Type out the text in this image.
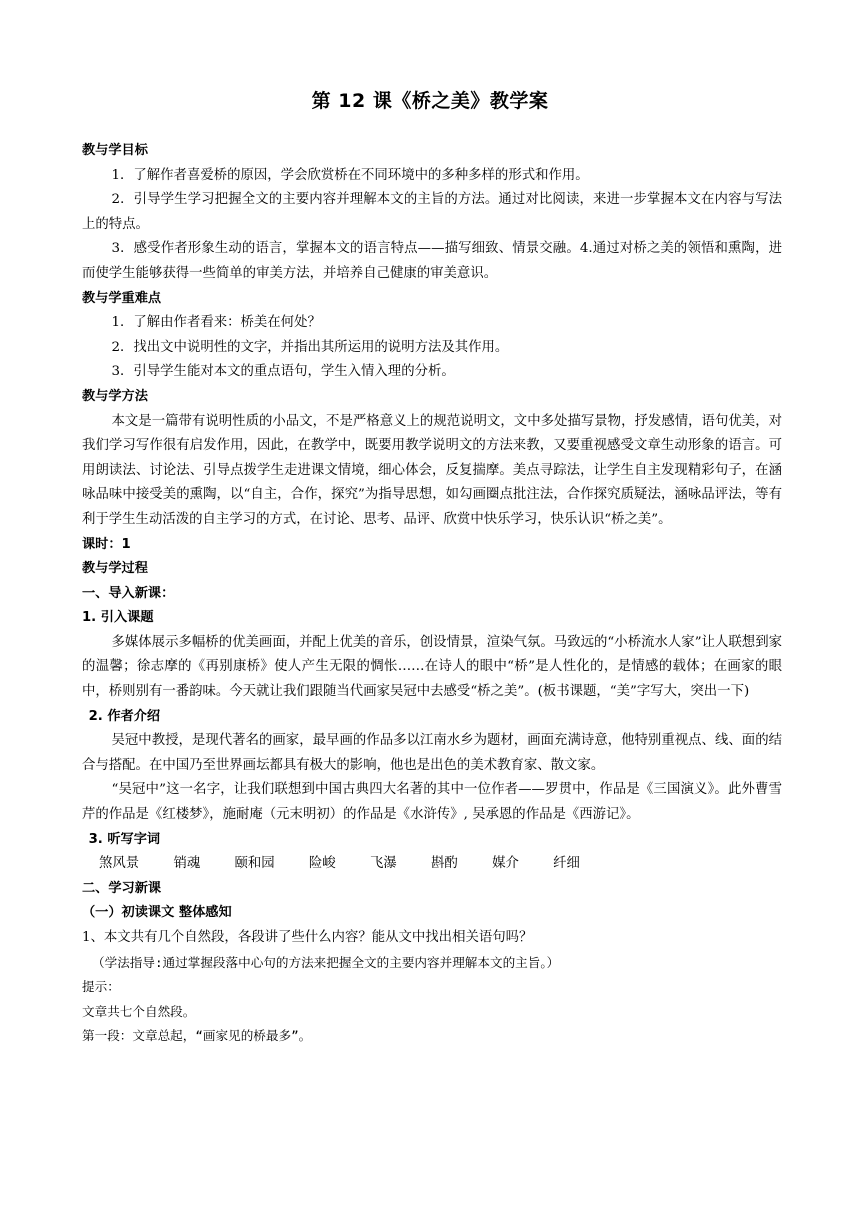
第 12 课《桥之美》教学案

教与学目标

1．了解作者喜爱桥的原因，学会欣赏桥在不同环境中的多种多样的形式和作用。

2．引导学生学习把握全文的主要内容并理解本文的主旨的方法。通过对比阅读，来进一步掌握本文在内容与写法上的特点。

3．感受作者形象生动的语言，掌握本文的语言特点——描写细致、情景交融。4.通过对桥之美的领悟和熏陶，进而使学生能够获得一些简单的审美方法，并培养自己健康的审美意识。

教与学重难点

1．了解由作者看来：桥美在何处？

2．找出文中说明性的文字，并指出其所运用的说明方法及其作用。

3．引导学生能对本文的重点语句，学生入情入理的分析。

教与学方法

本文是一篇带有说明性质的小品文，不是严格意义上的规范说明文，文中多处描写景物，抒发感情，语句优美，对我们学习写作很有启发作用，因此，在教学中，既要用教学说明文的方法来教，又要重视感受文章生动形象的语言。可用朗读法、讨论法、引导点拨学生走进课文情境，细心体会，反复揣摩。美点寻踪法，让学生自主发现精彩句子，在涵咏品味中接受美的熏陶，以“自主，合作，探究”为指导思想，如勾画圈点批注法，合作探究质疑法，涵咏品评法，等有利于学生生动活泼的自主学习的方式，在讨论、思考、品评、欣赏中快乐学习，快乐认识“桥之美”。

课时：1

教与学过程

一、导入新课：

1. 引入课题

多媒体展示多幅桥的优美画面，并配上优美的音乐，创设情景，渲染气氛。马致远的“小桥流水人家”让人联想到家的温馨；徐志摩的《再别康桥》使人产生无限的惆怅……在诗人的眼中“桥”是人性化的，是情感的载体；在画家的眼中，桥则别有一番韵味。今天就让我们跟随当代画家吴冠中去感受“桥之美”。(板书课题，“美”字写大，突出一下)

2. 作者介绍

吴冠中教授，是现代著名的画家，最早画的作品多以江南水乡为题材，画面充满诗意，他特别重视点、线、面的结合与搭配。在中国乃至世界画坛都具有极大的影响，他也是出色的美术教育家、散文家。

“吴冠中”这一名字，让我们联想到中国古典四大名著的其中一位作者——罗贯中，作品是《三国演义》。此外曹雪芹的作品是《红楼梦》，施耐庵（元末明初）的作品是《水浒传》, 吴承恩的作品是《西游记》。

3. 听写字词

煞风景	销魂	颐和园	险峻	飞瀑	斟酌	媒介	纤细

二、学习新课

（一）初读课文 整体感知

1、本文共有几个自然段，各段讲了些什么内容？能从文中找出相关语句吗？

（学法指导:通过掌握段落中心句的方法来把握全文的主要内容并理解本文的主旨。）

提示：

文章共七个自然段。

第一段：文章总起，“画家见的桥最多”。
